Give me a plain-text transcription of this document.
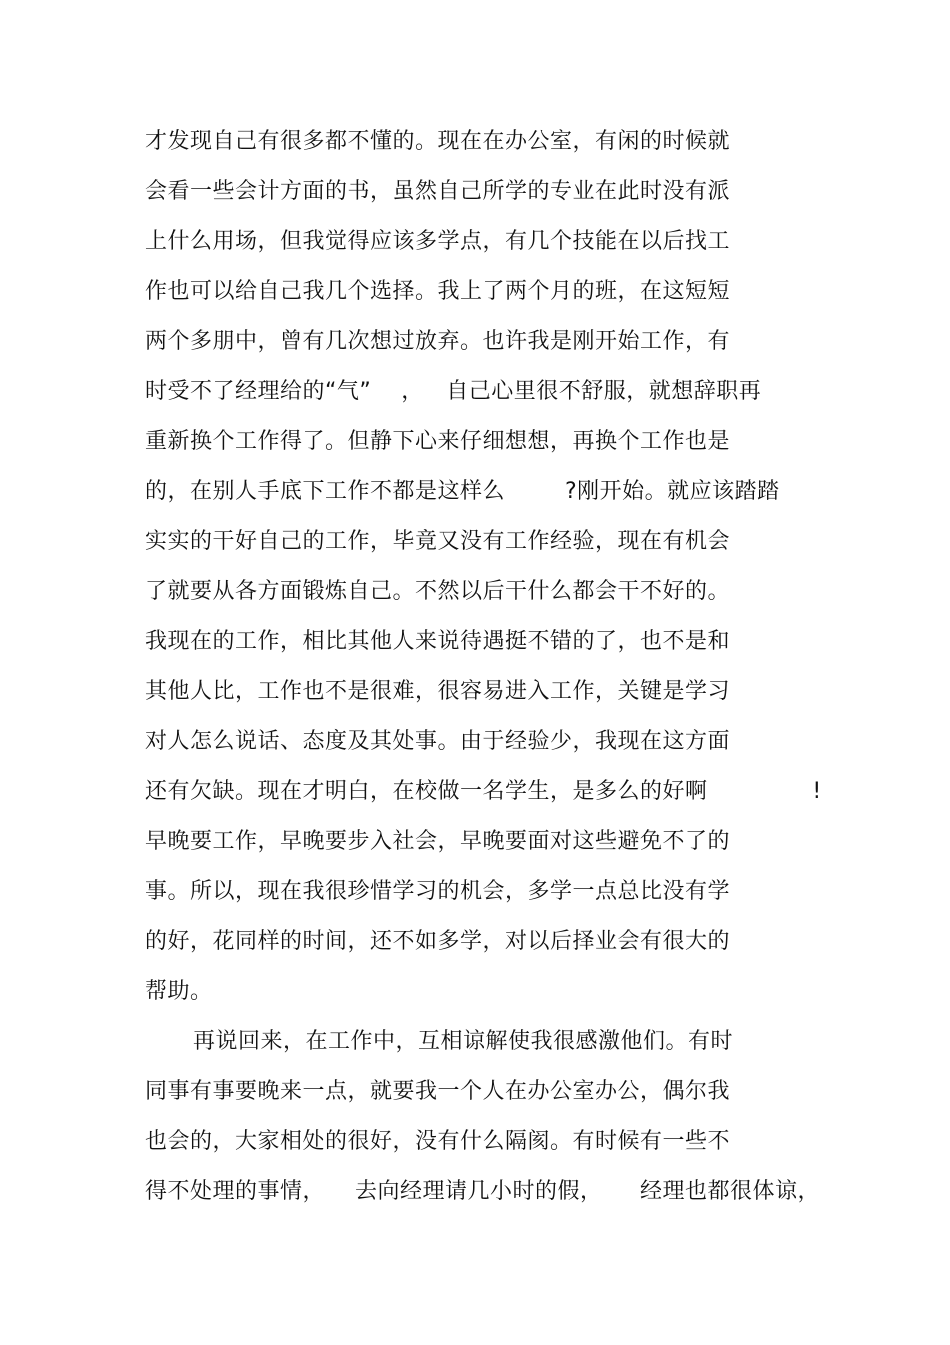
才发现自己有很多都不懂的。现在在办公室，有闲的时候就
会看一些会计方面的书，虽然自己所学的专业在此时没有派
上什么用场，但我觉得应该多学点，有几个技能在以后找工
作也可以给自己我几个选择。我上了两个月的班，在这短短
两个多朋中，曾有几次想过放弃。也许我是刚开始工作，有
时受不了经理给的“气”    ，   自己心里很不舒服，就想辞职再
重新换个工作得了。但静下心来仔细想想，再换个工作也是
的，在别人手底下工作不都是这样么        ?刚开始。就应该踏踏
实实的干好自己的工作，毕竟又没有工作经验，现在有机会
了就要从各方面锻炼自己。不然以后干什么都会干不好的。
我现在的工作，相比其他人来说待遇挺不错的了，也不是和
其他人比，工作也不是很难，很容易进入工作，关键是学习
对人怎么说话、态度及其处事。由于经验少，我现在这方面
还有欠缺。现在才明白，在校做一名学生，是多么的好啊              !
早晚要工作，早晚要步入社会，早晚要面对这些避免不了的
事。所以，现在我很珍惜学习的机会，多学一点总比没有学
的好，花同样的时间，还不如多学，对以后择业会有很大的
帮助。
再说回来，在工作中，互相谅解使我很感激他们。有时
同事有事要晚来一点，就要我一个人在办公室办公，偶尔我
也会的，大家相处的很好，没有什么隔阂。有时候有一些不
得不处理的事情，    去向经理请几小时的假，     经理也都很体谅，
